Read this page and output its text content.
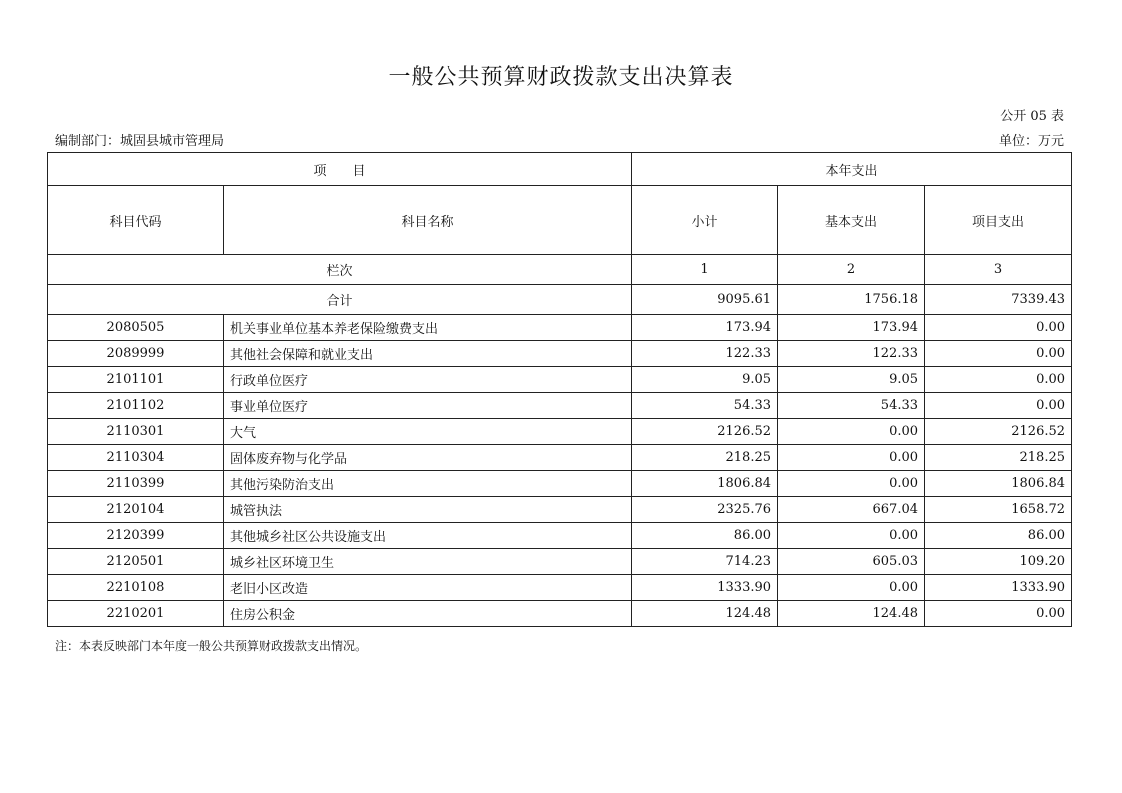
一般公共预算财政拨款支出决算表
公开 05 表
编制部门：城固县城市管理局	单位：万元
项　　目		本年支出		
科目代码	科目名称	小计	基本支出	项目支出
栏次		1	2	3
合计		9095.61	1756.18	7339.43
2080505	机关事业单位基本养老保险缴费支出	173.94	173.94	0.00
2089999	其他社会保障和就业支出	122.33	122.33	0.00
2101101	行政单位医疗	9.05	9.05	0.00
2101102	事业单位医疗	54.33	54.33	0.00
2110301	大气	2126.52	0.00	2126.52
2110304	固体废弃物与化学品	218.25	0.00	218.25
2110399	其他污染防治支出	1806.84	0.00	1806.84
2120104	城管执法	2325.76	667.04	1658.72
2120399	其他城乡社区公共设施支出	86.00	0.00	86.00
2120501	城乡社区环境卫生	714.23	605.03	109.20
2210108	老旧小区改造	1333.90	0.00	1333.90
2210201	住房公积金	124.48	124.48	0.00
注：本表反映部门本年度一般公共预算财政拨款支出情况。
